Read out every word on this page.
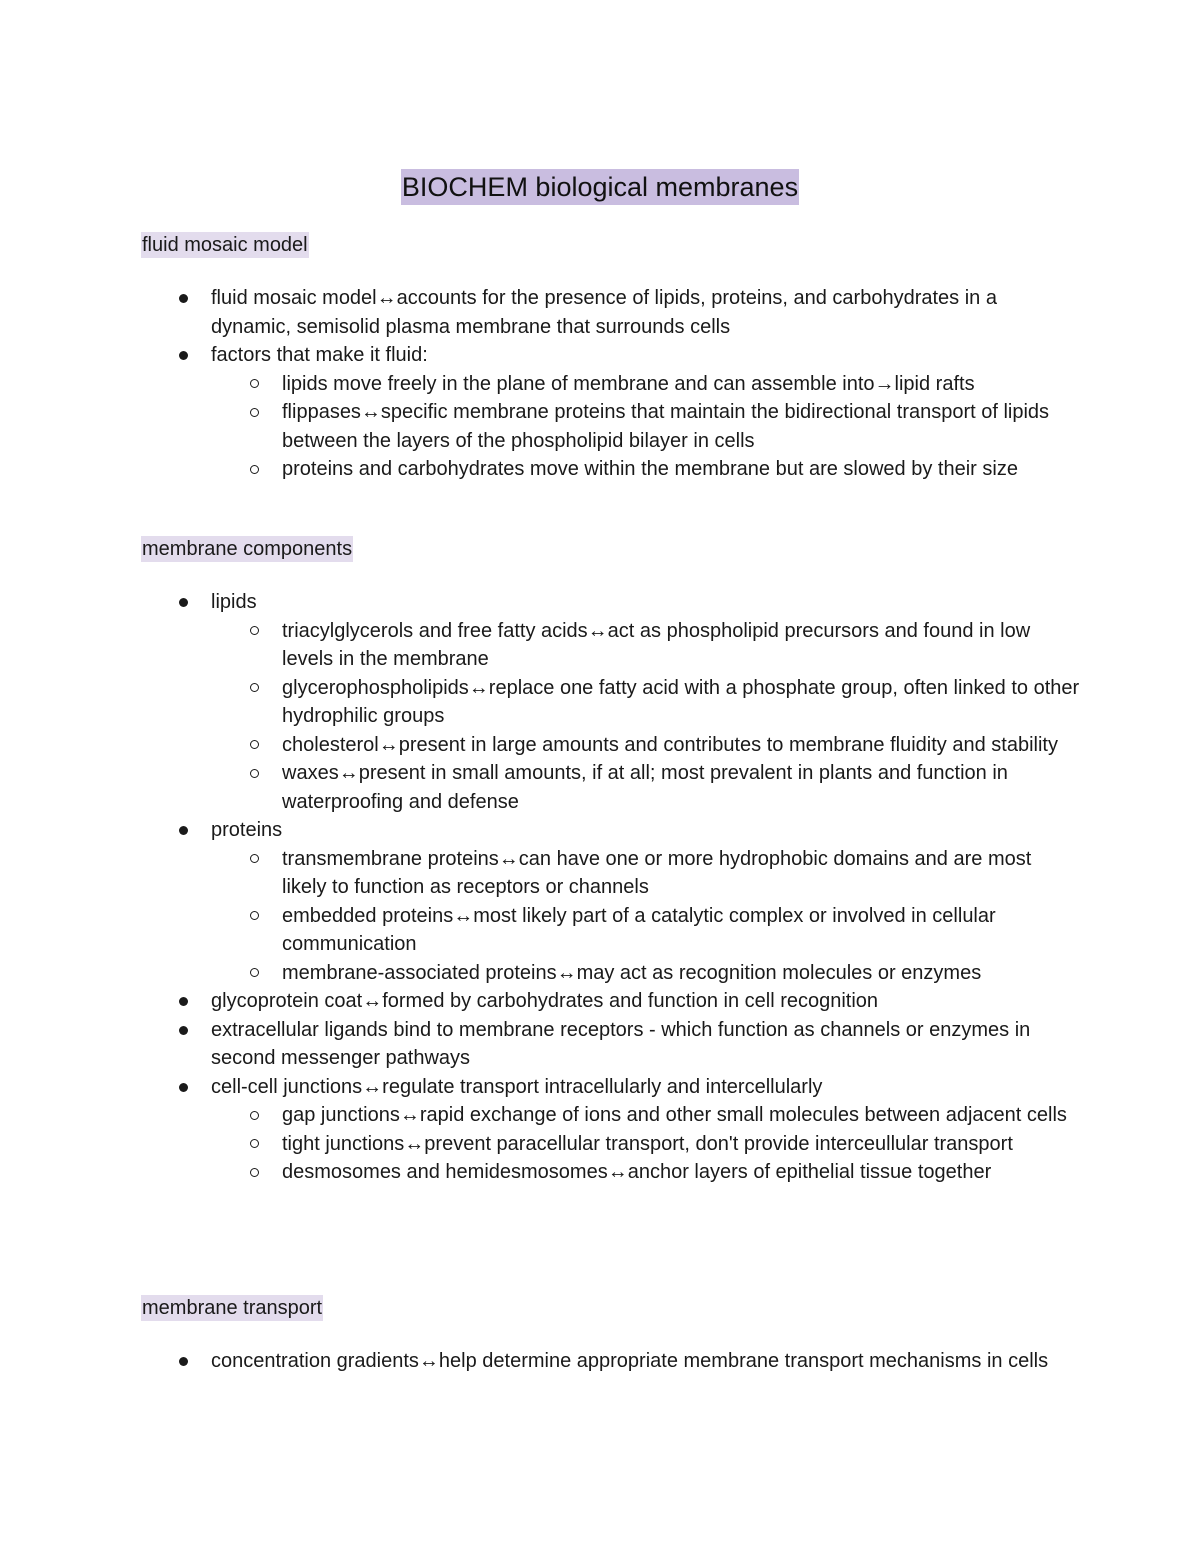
BIOCHEM biological membranes
fluid mosaic model
fluid mosaic model↔accounts for the presence of lipids, proteins, and carbohydrates in a dynamic, semisolid plasma membrane that surrounds cells
factors that make it fluid:
lipids move freely in the plane of membrane and can assemble into→lipid rafts
flippases↔specific membrane proteins that maintain the bidirectional transport of lipids between the layers of the phospholipid bilayer in cells
proteins and carbohydrates move within the membrane but are slowed by their size
membrane components
lipids
triacylglycerols and free fatty acids↔act as phospholipid precursors and found in low levels in the membrane
glycerophospholipids↔replace one fatty acid with a phosphate group, often linked to other hydrophilic groups
cholesterol↔present in large amounts and contributes to membrane fluidity and stability
waxes↔present in small amounts, if at all; most prevalent in plants and function in waterproofing and defense
proteins
transmembrane proteins↔can have one or more hydrophobic domains and are most likely to function as receptors or channels
embedded proteins↔most likely part of a catalytic complex or involved in cellular communication
membrane-associated proteins↔may act as recognition molecules or enzymes
glycoprotein coat↔formed by carbohydrates and function in cell recognition
extracellular ligands bind to membrane receptors - which function as channels or enzymes in second messenger pathways
cell-cell junctions↔regulate transport intracellularly and intercellularly
gap junctions↔rapid exchange of ions and other small molecules between adjacent cells
tight junctions↔prevent paracellular transport, don't provide interceullular transport
desmosomes and hemidesmosomes↔anchor layers of epithelial tissue together
membrane transport
concentration gradients↔help determine appropriate membrane transport mechanisms in cells
